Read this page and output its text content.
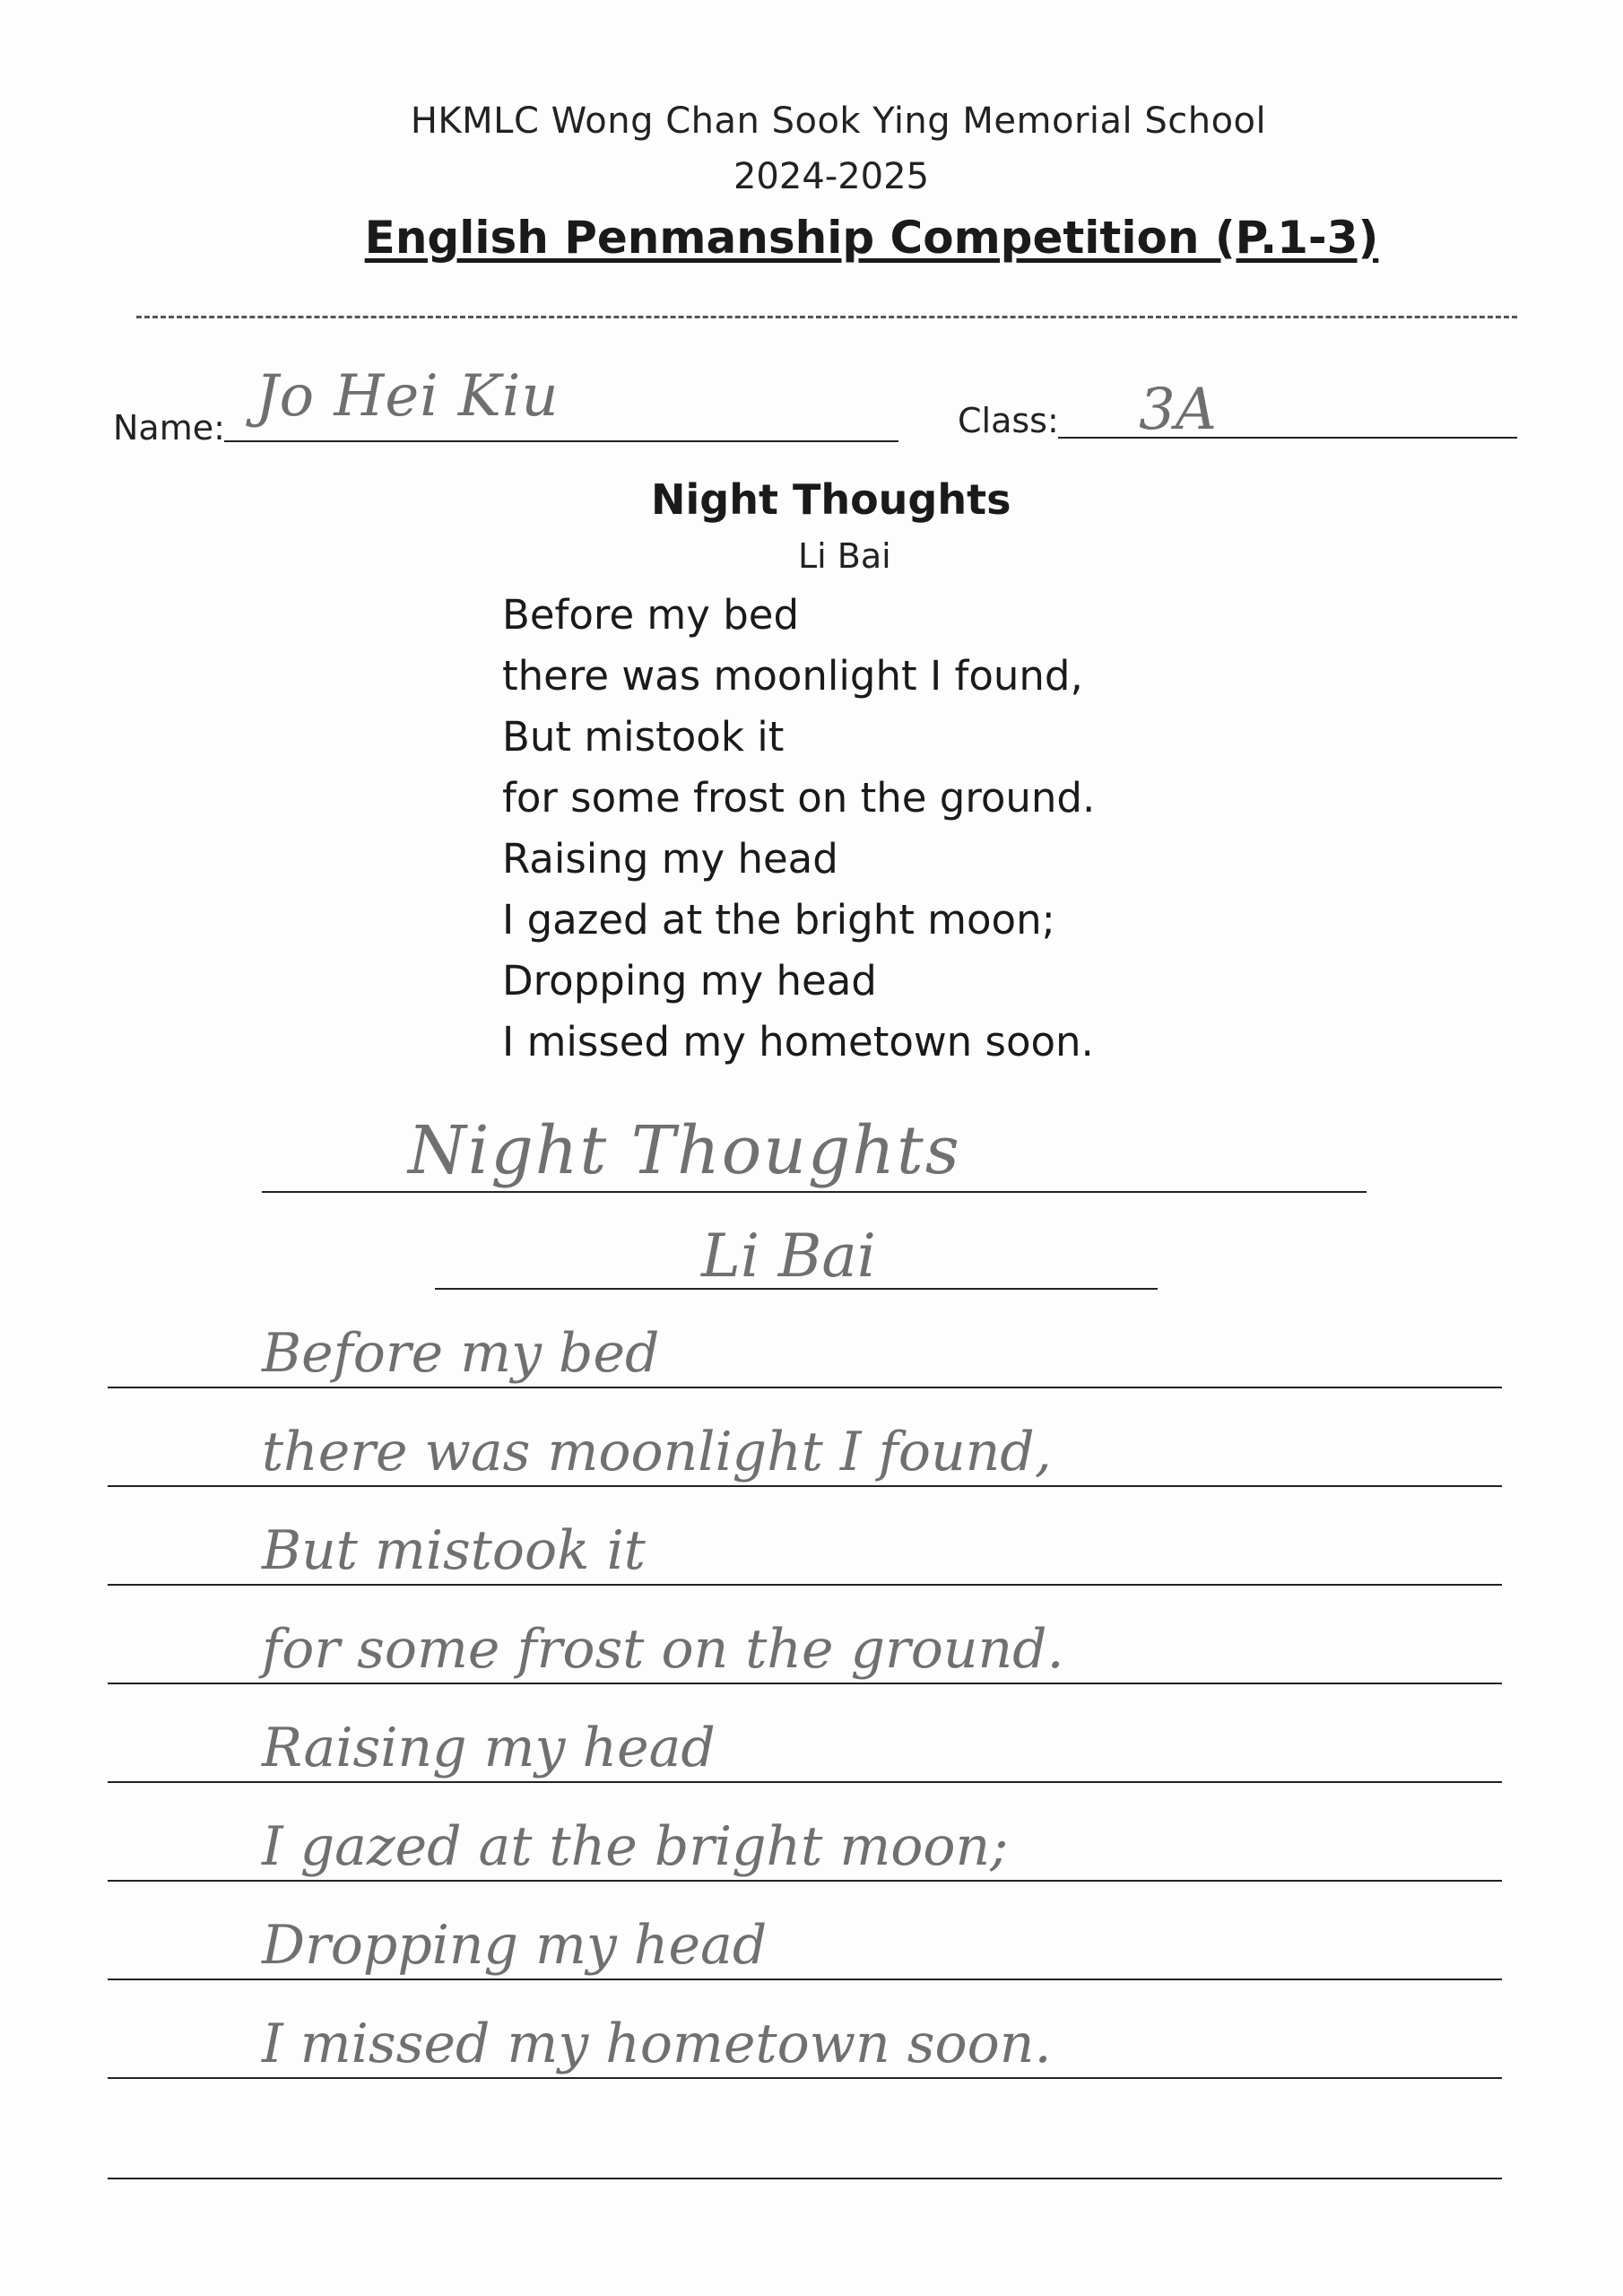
HKMLC Wong Chan Sook Ying Memorial School
2024-2025
English Penmanship Competition (P.1-3)
Name: Jo Hei Kiu	Class: 3A
Night Thoughts
Li Bai
Before my bed
there was moonlight I found,
But mistook it
for some frost on the ground.
Raising my head
I gazed at the bright moon;
Dropping my head
I missed my hometown soon.
Night Thoughts
Li Bai
Before my bed
there was moonlight I found,
But mistook it
for some frost on the ground.
Raising my head
I gazed at the bright moon;
Dropping my head
I missed my hometown soon.
